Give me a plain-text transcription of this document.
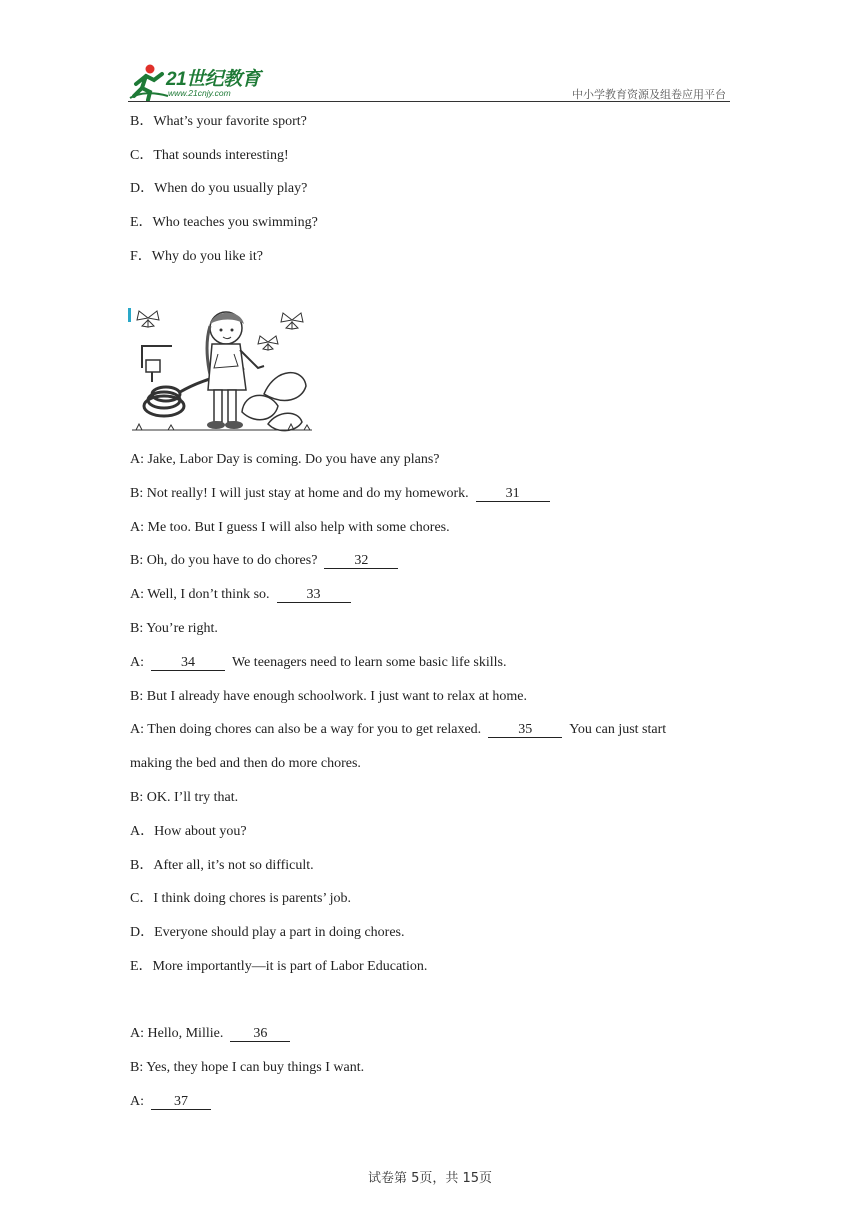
21世纪教育
www.21cnjy.com	中小学教育资源及组卷应用平台
B．What’s your favorite sport?
C．That sounds interesting!
D．When do you usually play?
E．Who teaches you swimming?
F．Why do you like it?
A: Jake, Labor Day is coming. Do you have any plans?
B: Not really! I will just stay at home and do my homework.	31
A: Me too. But I guess I will also help with some chores.
B: Oh, do you have to do chores?	32
A: Well, I don’t think so.	33
B: You’re right.
A:	34	We teenagers need to learn some basic life skills.
B: But I already have enough schoolwork. I just want to relax at home.
A: Then doing chores can also be a way for you to get relaxed.	35	You can just start
making the bed and then do more chores.
B: OK. I’ll try that.
A．How about you?
B．After all, it’s not so difficult.
C．I think doing chores is parents’ job.
D．Everyone should play a part in doing chores.
E．More importantly—it is part of Labor Education.
A: Hello, Millie. 36
B: Yes, they hope I can buy things I want.
A: 37
试卷第 5页，共 15页
